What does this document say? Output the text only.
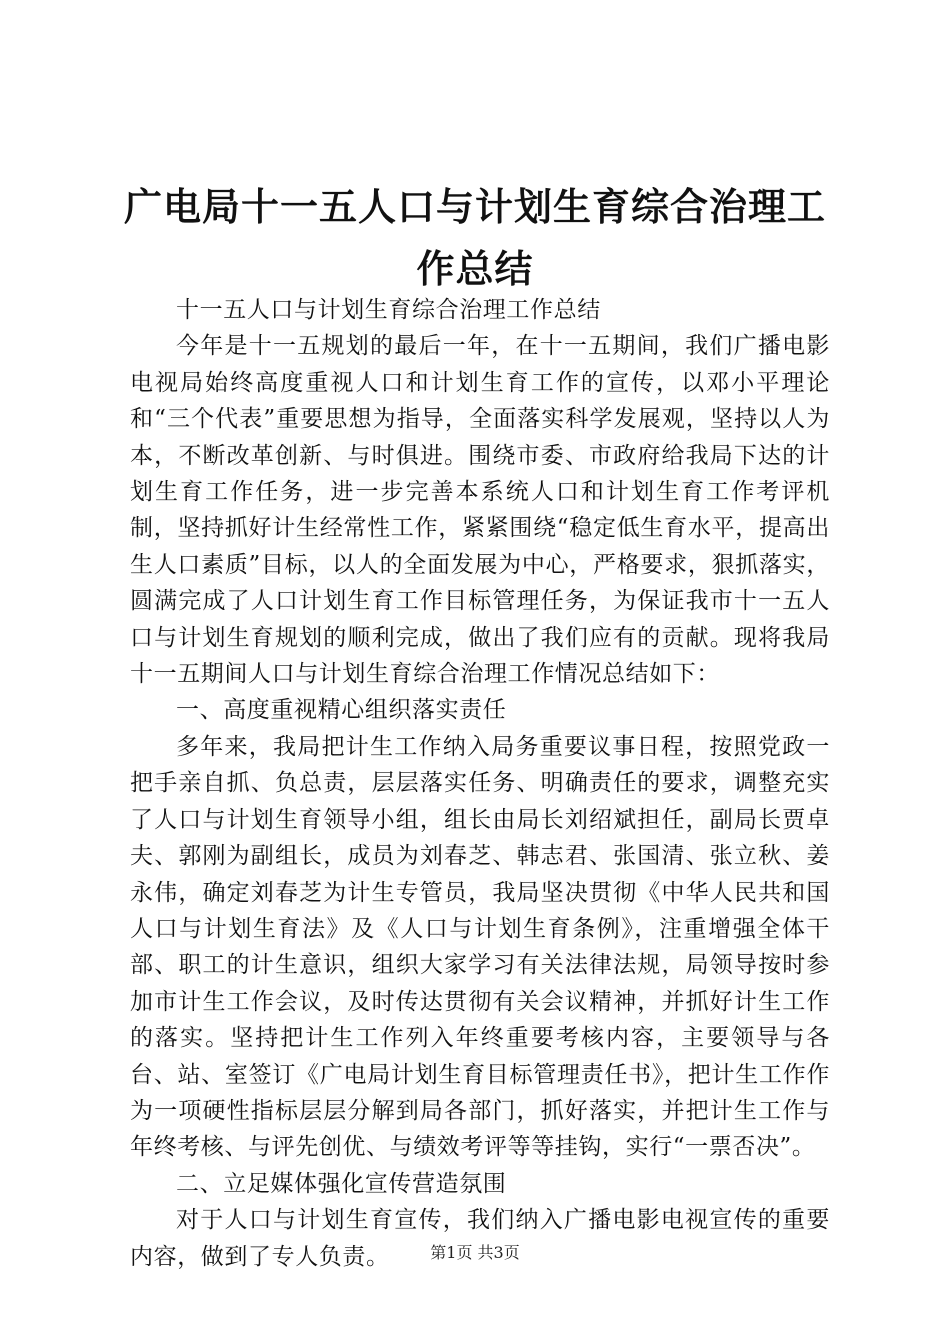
广电局十一五人口与计划生育综合治理工作总结

十一五人口与计划生育综合治理工作总结

今年是十一五规划的最后一年，在十一五期间，我们广播电影电视局始终高度重视人口和计划生育工作的宣传，以邓小平理论和“三个代表”重要思想为指导，全面落实科学发展观，坚持以人为本，不断改革创新、与时俱进。围绕市委、市政府给我局下达的计划生育工作任务，进一步完善本系统人口和计划生育工作考评机制，坚持抓好计生经常性工作，紧紧围绕“稳定低生育水平，提高出生人口素质”目标，以人的全面发展为中心，严格要求，狠抓落实，圆满完成了人口计划生育工作目标管理任务，为保证我市十一五人口与计划生育规划的顺利完成，做出了我们应有的贡献。现将我局十一五期间人口与计划生育综合治理工作情况总结如下：

一、高度重视精心组织落实责任

多年来，我局把计生工作纳入局务重要议事日程，按照党政一把手亲自抓、负总责，层层落实任务、明确责任的要求，调整充实了人口与计划生育领导小组，组长由局长刘绍斌担任，副局长贾卓夫、郭刚为副组长，成员为刘春芝、韩志君、张国清、张立秋、姜永伟，确定刘春芝为计生专管员，我局坚决贯彻《中华人民共和国人口与计划生育法》及《人口与计划生育条例》，注重增强全体干部、职工的计生意识，组织大家学习有关法律法规，局领导按时参加市计生工作会议，及时传达贯彻有关会议精神，并抓好计生工作的落实。坚持把计生工作列入年终重要考核内容，主要领导与各台、站、室签订《广电局计划生育目标管理责任书》，把计生工作作为一项硬性指标层层分解到局各部门，抓好落实，并把计生工作与年终考核、与评先创优、与绩效考评等等挂钩，实行“一票否决”。

二、立足媒体强化宣传营造氛围

对于人口与计划生育宣传，我们纳入广播电影电视宣传的重要内容，做到了专人负责。	第1页 共3页
